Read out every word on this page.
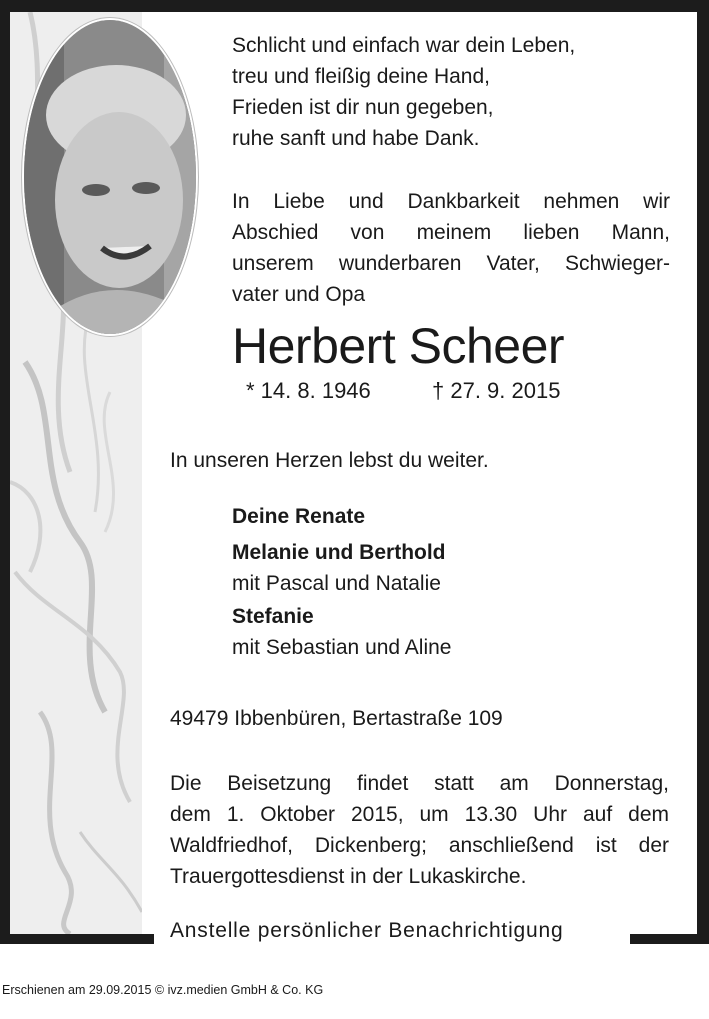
Schlicht und einfach war dein Leben,
treu und fleißig deine Hand,
Frieden ist dir nun gegeben,
ruhe sanft und habe Dank.
In Liebe und Dankbarkeit nehmen wir
Abschied von meinem lieben Mann,
unserem wunderbaren Vater, Schwieger-
vater und Opa
Herbert Scheer
* 14. 8. 1946	† 27. 9. 2015
In unseren Herzen lebst du weiter.
Deine Renate
Melanie und Berthold
mit Pascal und Natalie
Stefanie
mit Sebastian und Aline
49479 Ibbenbüren, Bertastraße 109
Die Beisetzung findet statt am Donnerstag,
dem 1. Oktober 2015, um 13.30 Uhr auf dem
Waldfriedhof, Dickenberg; anschließend ist der
Trauergottesdienst in der Lukaskirche.
Anstelle persönlicher Benachrichtigung
Erschienen am 29.09.2015 © ivz.medien GmbH & Co. KG
